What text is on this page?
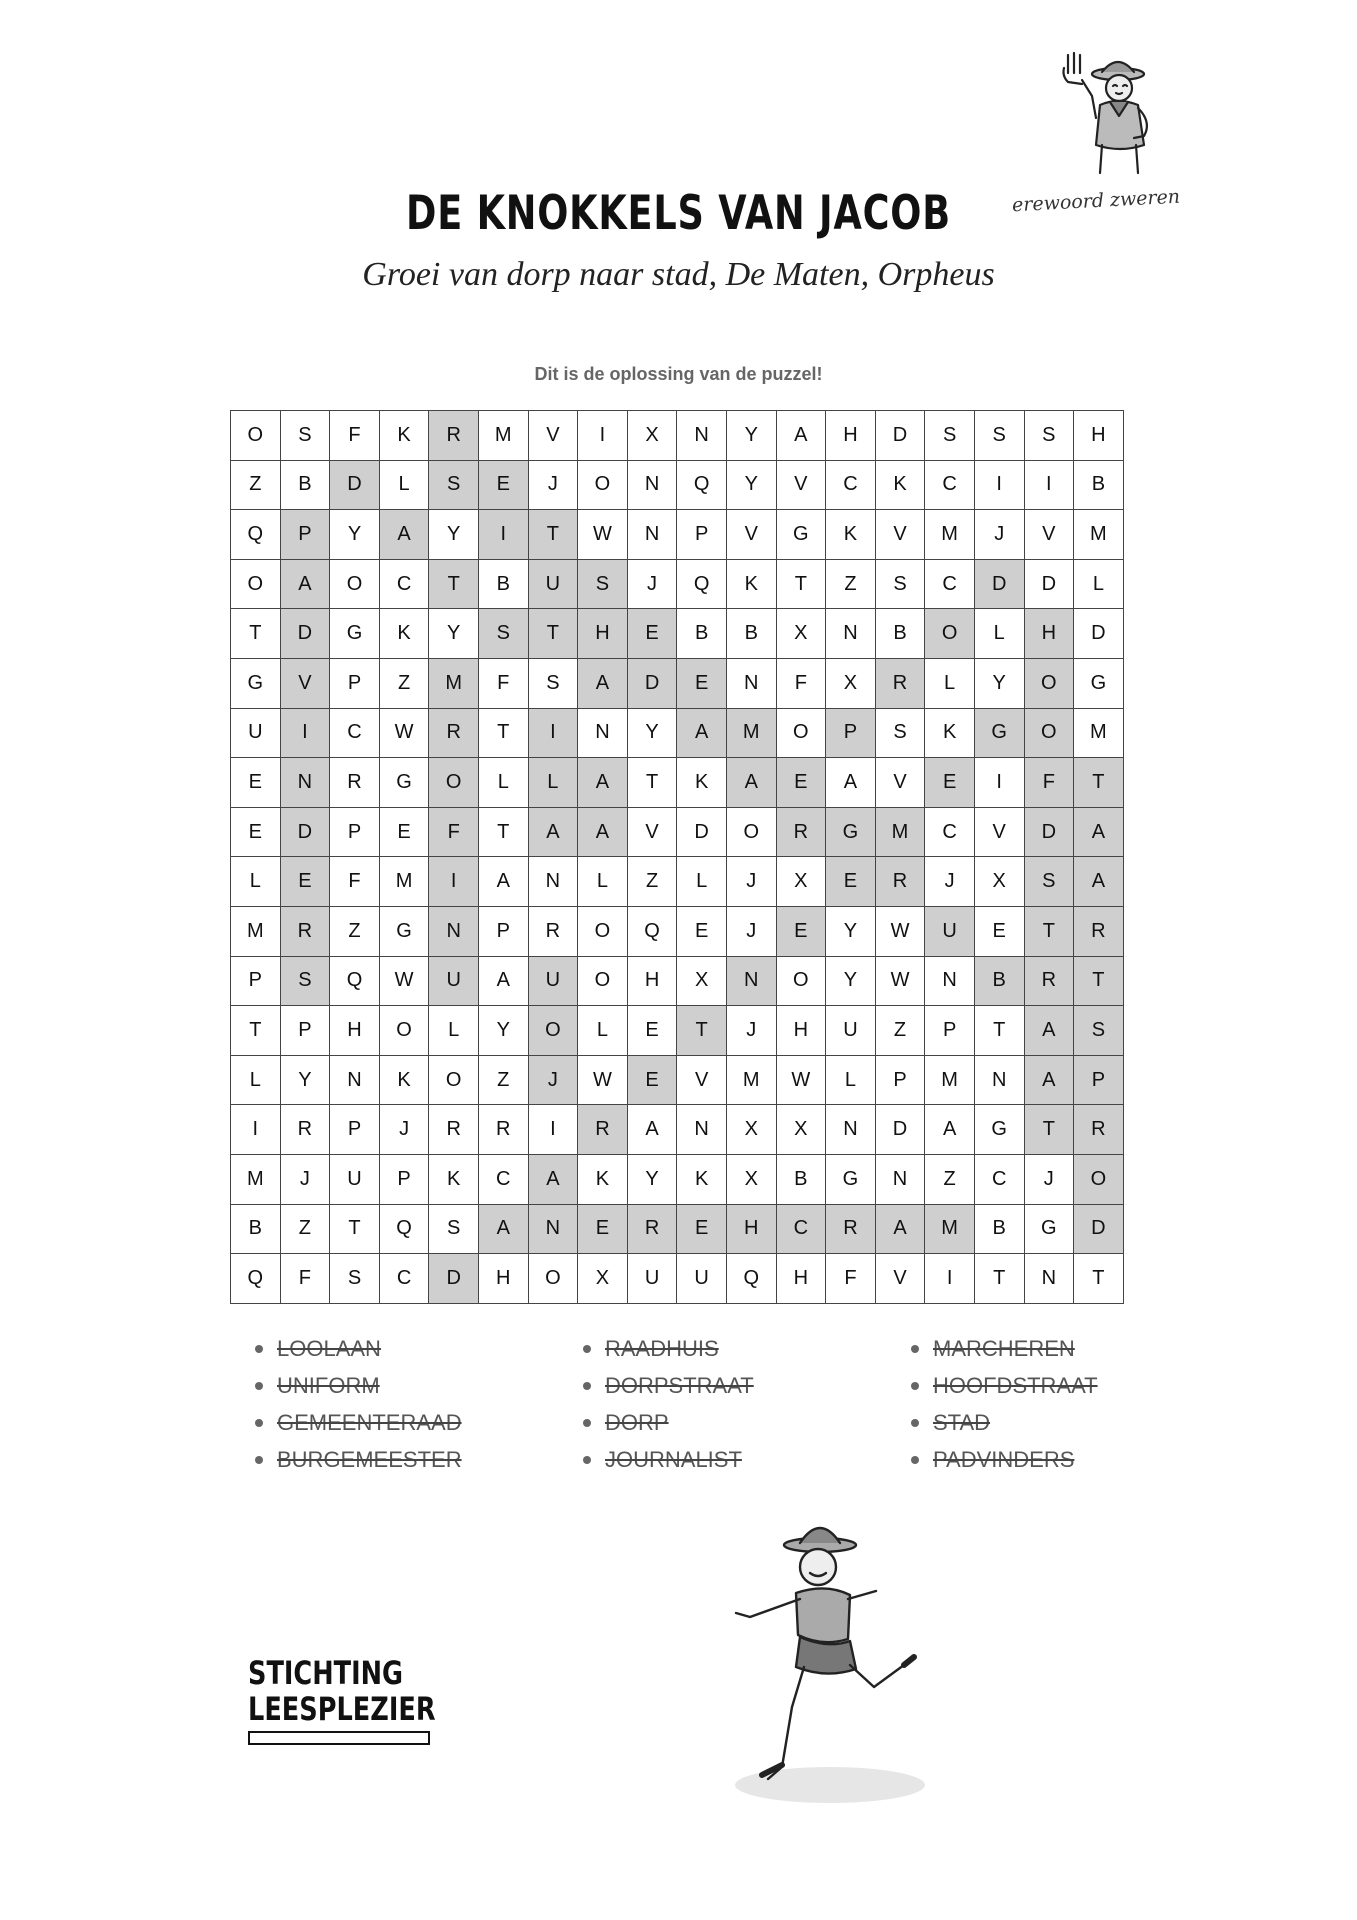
erewoord zweren
DE KNOKKELS VAN JACOB
Groei van dorp naar stad, De Maten, Orpheus
Dit is de oplossing van de puzzel!
O	S	F	K	R	M	V	I	X	N	Y	A	H	D	S	S	S	H
Z	B	D	L	S	E	J	O	N	Q	Y	V	C	K	C	I	I	B
Q	P	Y	A	Y	I	T	W	N	P	V	G	K	V	M	J	V	M
O	A	O	C	T	B	U	S	J	Q	K	T	Z	S	C	D	D	L
T	D	G	K	Y	S	T	H	E	B	B	X	N	B	O	L	H	D
G	V	P	Z	M	F	S	A	D	E	N	F	X	R	L	Y	O	G
U	I	C	W	R	T	I	N	Y	A	M	O	P	S	K	G	O	M
E	N	R	G	O	L	L	A	T	K	A	E	A	V	E	I	F	T
E	D	P	E	F	T	A	A	V	D	O	R	G	M	C	V	D	A
L	E	F	M	I	A	N	L	Z	L	J	X	E	R	J	X	S	A
M	R	Z	G	N	P	R	O	Q	E	J	E	Y	W	U	E	T	R
P	S	Q	W	U	A	U	O	H	X	N	O	Y	W	N	B	R	T
T	P	H	O	L	Y	O	L	E	T	J	H	U	Z	P	T	A	S
L	Y	N	K	O	Z	J	W	E	V	M	W	L	P	M	N	A	P
I	R	P	J	R	R	I	R	A	N	X	X	N	D	A	G	T	R
M	J	U	P	K	C	A	K	Y	K	X	B	G	N	Z	C	J	O
B	Z	T	Q	S	A	N	E	R	E	H	C	R	A	M	B	G	D
Q	F	S	C	D	H	O	X	U	U	Q	H	F	V	I	T	N	T
LOOLAAN
UNIFORM
GEMEENTERAAD
BURGEMEESTER
RAADHUIS
DORPSTRAAT
DORP
JOURNALIST
MARCHEREN
HOOFDSTRAAT
STAD
PADVINDERS
STICHTING
LEESPLEZIER
